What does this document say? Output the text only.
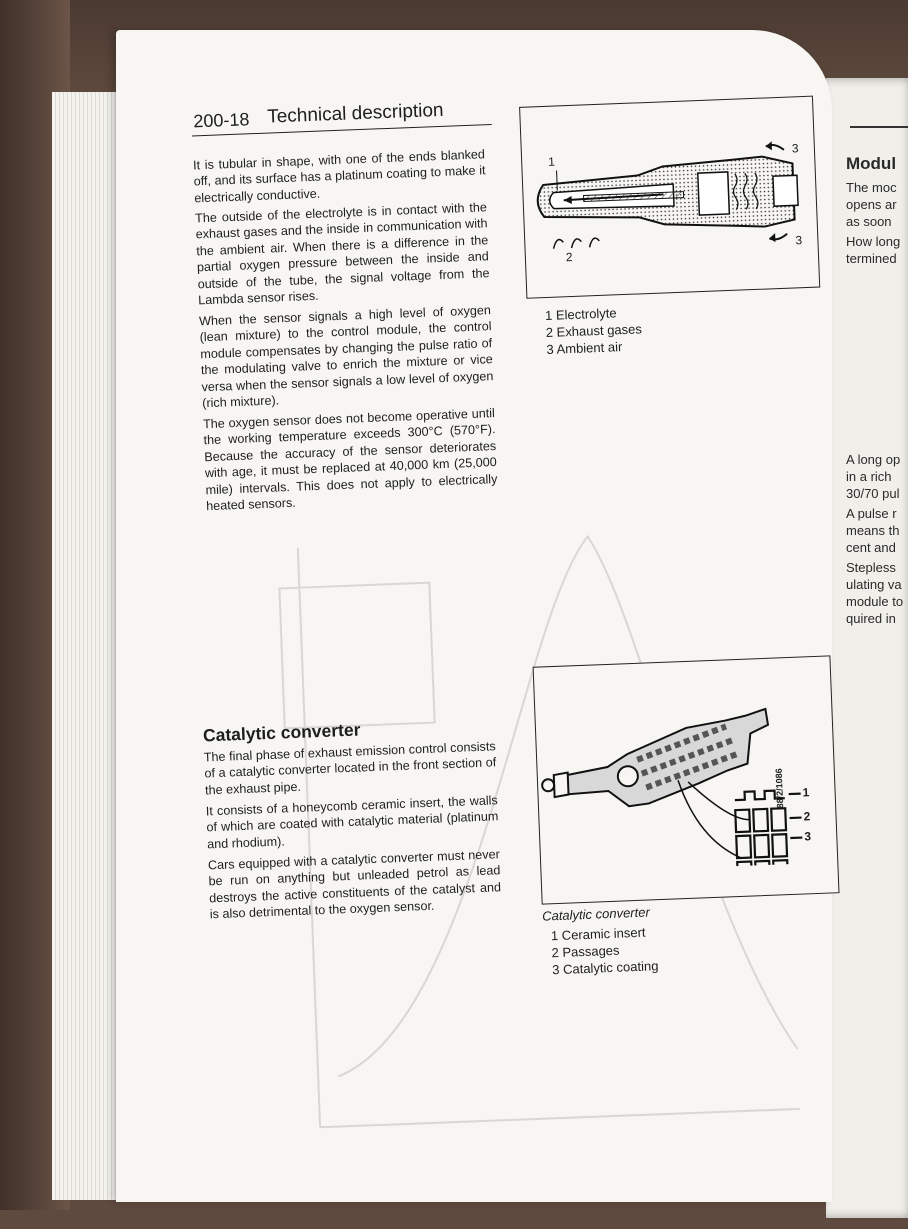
Modul
The moc
opens ar
as soon
How long
termined
A long op
in a rich
30/70 pul
A pulse r
means th
cent and
Stepless
ulating va
module to
quired in
200-18 Technical description

It is tubular in shape, with one of the ends blanked off, and its surface has a platinum coating to make it electrically conductive.

The outside of the electrolyte is in contact with the exhaust gases and the inside in communication with the ambient air. When there is a difference in the partial oxygen pressure between the inside and outside of the tube, the signal voltage from the Lambda sensor rises.

When the sensor signals a high level of oxygen (lean mixture) to the control module, the control module compensates by changing the pulse ratio of the modulating valve to enrich the mixture or vice versa when the sensor signals a low level of oxygen (rich mixture).

The oxygen sensor does not become operative until the working temperature exceeds 300°C (570°F). Because the accuracy of the sensor deteriorates with age, it must be replaced at 40,000 km (25,000 mile) intervals. This does not apply to electrically heated sensors.

1
2
3
3
1 Electrolyte
2 Exhaust gases
3 Ambient air
Catalytic converter

The final phase of exhaust emission control consists of a catalytic converter located in the front section of the exhaust pipe.

It consists of a honeycomb ceramic insert, the walls of which are coated with catalytic material (platinum and rhodium).

Cars equipped with a catalytic converter must never be run on anything but unleaded petrol as lead destroys the active constituents of the catalyst and is also detrimental to the oxygen sensor.

1
2
3
88/2/1086
Catalytic converter
1 Ceramic insert
2 Passages
3 Catalytic coating
